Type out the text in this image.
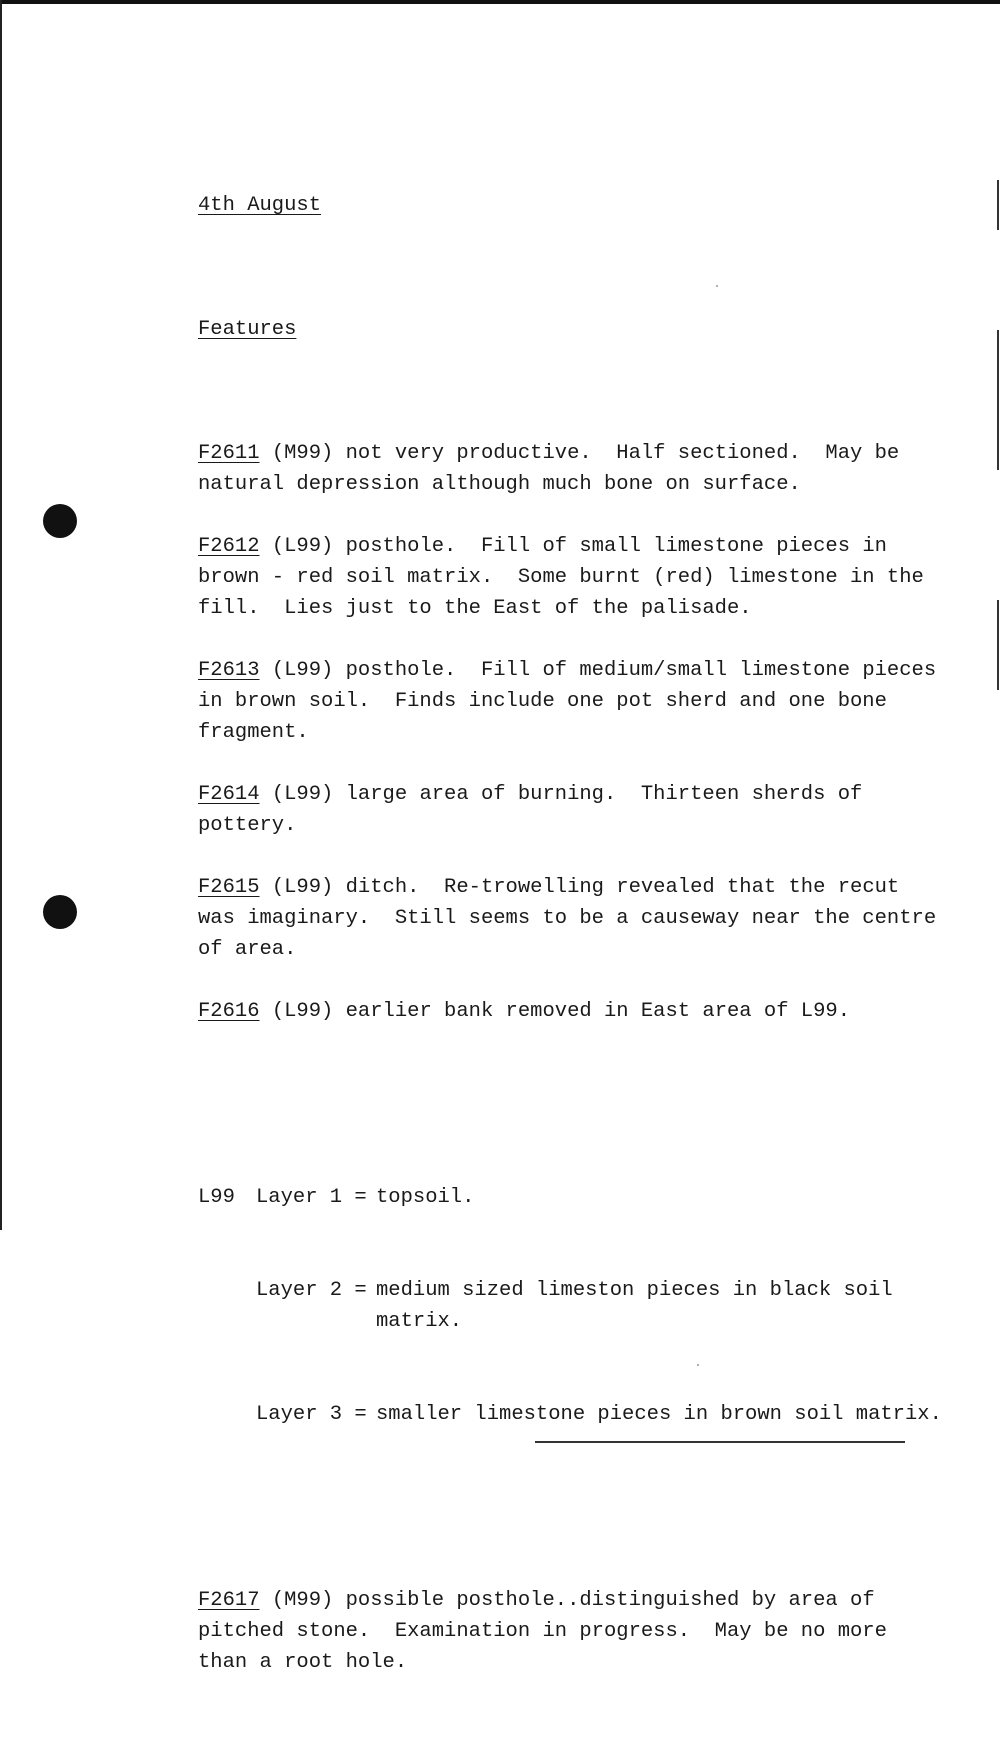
4th August

Features

F2611 (M99) not very productive.  Half sectioned.  May be
natural depression although much bone on surface.
F2612 (L99) posthole.  Fill of small limestone pieces in
brown - red soil matrix.  Some burnt (red) limestone in the
fill.  Lies just to the East of the palisade.
F2613 (L99) posthole.  Fill of medium/small limestone pieces
in brown soil.  Finds include one pot sherd and one bone
fragment.
F2614 (L99) large area of burning.  Thirteen sherds of
pottery.
F2615 (L99) ditch.  Re-trowelling revealed that the recut
was imaginary.  Still seems to be a causeway near the centre
of area.
F2616 (L99) earlier bank removed in East area of L99.

L99	Layer 1 = topsoil.

Layer 2 = medium sized limeston pieces in black soil
matrix.

Layer 3 = smaller limestone pieces in brown soil matrix.

F2617 (M99) possible posthole..distinguished by area of
pitched stone.  Examination in progress.  May be no more
than a root hole.
